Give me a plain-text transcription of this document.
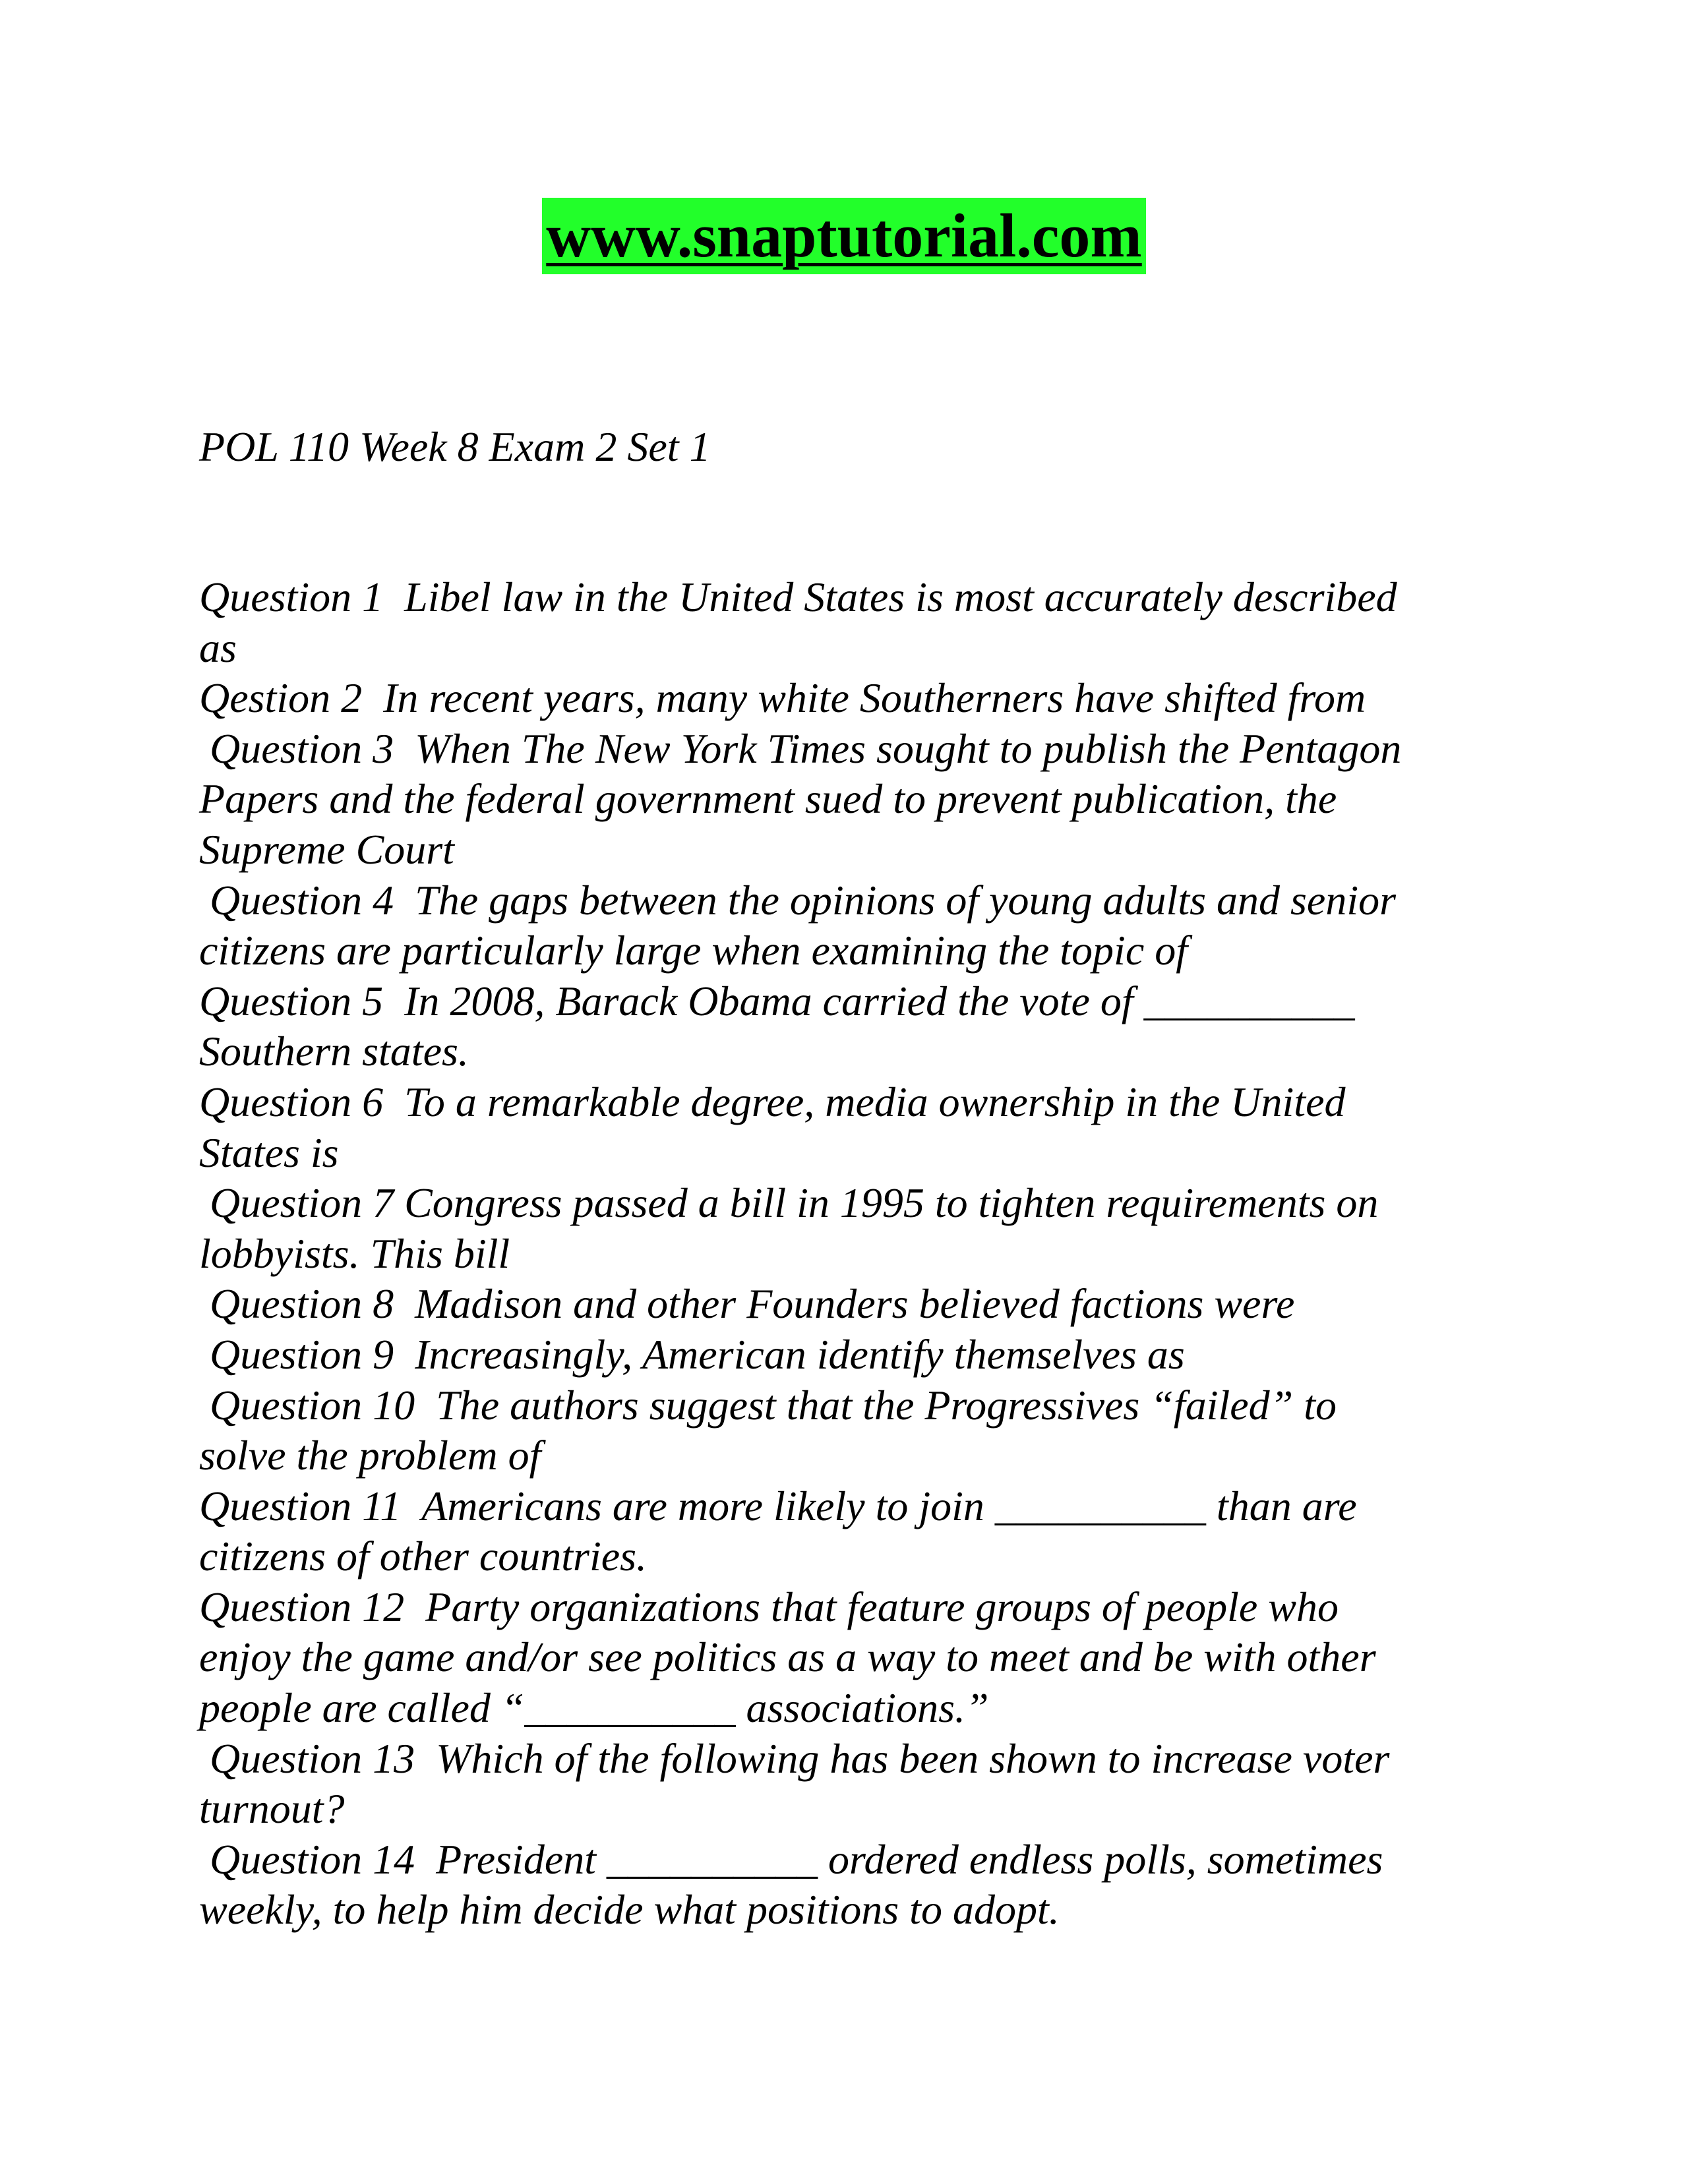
www.snaptutorial.com
POL 110 Week 8 Exam 2 Set 1
Question 1  Libel law in the United States is most accurately described
as
Qestion 2  In recent years, many white Southerners have shifted from
Question 3  When The New York Times sought to publish the Pentagon
Papers and the federal government sued to prevent publication, the
Supreme Court
Question 4  The gaps between the opinions of young adults and senior
citizens are particularly large when examining the topic of
Question 5  In 2008, Barack Obama carried the vote of __________
Southern states.
Question 6  To a remarkable degree, media ownership in the United
States is
Question 7 Congress passed a bill in 1995 to tighten requirements on
lobbyists. This bill
Question 8  Madison and other Founders believed factions were
Question 9  Increasingly, American identify themselves as
Question 10  The authors suggest that the Progressives “failed” to
solve the problem of
Question 11  Americans are more likely to join __________ than are
citizens of other countries.
Question 12  Party organizations that feature groups of people who
enjoy the game and/or see politics as a way to meet and be with other
people are called “__________ associations.”
Question 13  Which of the following has been shown to increase voter
turnout?
Question 14  President __________ ordered endless polls, sometimes
weekly, to help him decide what positions to adopt.
